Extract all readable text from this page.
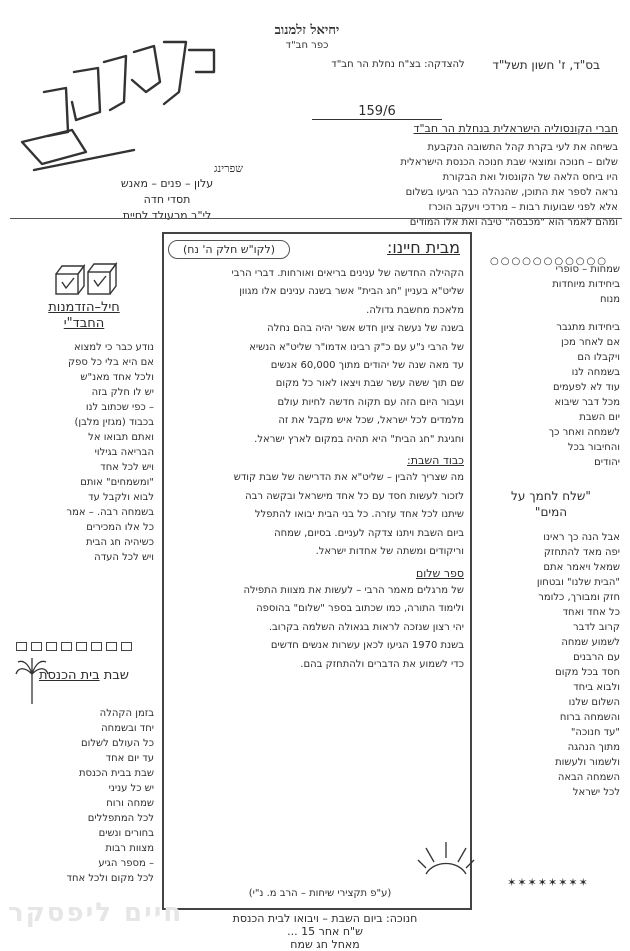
יחיאל זלמנוב
כפר חב"ד
בס"ד, ז' חשון תשל"ד
להצדקה: בצ"ח נחלת הר חב"ד
159/6
שפרינג
עלון – פנים – מאנש
תסדי חדה
לי"ב מרעולד לחיית
חברי הקונסוליה הישראלית בנחלת הר חב"ד

בשיחה את לעי בקרת קהל התשובה הנקבעת

שלום – חנוכה ומוצאי שבת חנוכה הכנסת הישראלית

היו ביחס הלאה של הקונסול ואת הבקורת

נראה לספר את התוכן, שהנהלה כבר הגיעו בשלום

אלא לפני שבועות רבות – מרדכי ויעקב הוכרז

ומהם לאמר הוא "מכבסה" טיבה ואת אלו המודים

מבית חיינו:
(לקו"ש חלק ה' נח)

הקהילה החדשה של ענינים בריאים ואורחות. דברי הרבי

שליט"א בעניין "חג הבית" אשר בשנה ענינים אלו מגוון

מלאכת מחשבת גדולה.

בשנה של נעשה ציון חדש אשר יהיה בהם נחלה

של הרבי נ"ע עם כ"ק רבינו אדמו"ר שליט"א הנשיא

עד מאה שנה של יהודים מתוך 60,000 אנשים

שם תוך ששה עשר שבת ויצאו לאור כל מקום

ועבור היום הזה עם תקוה חדשה לחיות עולם

מלמדים לכל ישראל, שכל איש מקבל את זה

וחגיגת "חג הבית" היא תהיה במקום לארץ ישראל.

כבוד השבת:

מה שצריך להבין – שליט"א את הדרישה של שבת קודש

לזכור לעשות חסד עם כל אחד מישראל ובקשה רבה

שיתנו לכל אחד עזרה. כל בני הבית יבואו להתפלל

ביום השבת ויתנו צדקה לעניים. בסיום, שמחה

וריקודים ומשתה של אחדות ישראל.

ספר שלום

של מרגלים מאמר הרבי – לעשות את מצוות התפילה

ולימוד התורה, כמו שכתוב בספר "שלום" בהוספה

יהי רצון שנזכה לראות בגאולה השלמה בקרוב.

בשנת 1970 הגיעו לכאן עשרות אנשים חדשים

כדי לשמוע את הדברים ולהתחזק בהם.

(ע"פ תקצירי שיחות – הרב מ. נ"י)
חיל–הזדמנות
החבד"י
נודע כבר כי למצוא
אם היא בלי כל ספק
ולכל אחד מאנ"ש
יש לו חלק בזה
– כפי שכתוב לנו
בכבוד (מגזין מלבן)
ואתם תבואו אל
הבריאה בגילוי
ויש לכל אחד
"ומשמחים" אותם
לבוא ולקבל עד
בשמחה רבה. – אמר
כל אלו המכירים
כשיהיה חג הבית
ויש לכל העדה
שבת בית הכנסת
בזמן הקהלה
יחד ובשמחה
כל העולם לשלום
עד יום אחד
שבת בבית הכנסת
יש כל עניני
שמחה ורוח
לכל המתפללים
בחורים ונשים
מצוות רבות
– מספר הגיע
לכל מקום ולכל אחד
○○○○○○○○○○○
שמחות – סופרי
ביחידות מיוחדות
מנוח
ביחידות מתגבר
אם לאחר מכן
ויקבלו הם
בשמחה לנו
עוד לא לפעמים
מכל דבר שיבוא
יום השבת
לשמחה ואחר כך
והחיבור בכל
יהודים
"שלח לחמך על
המים"
אבל הנה כך ראינו
יפה מאד להתחזק
שמאל ויאמר אתם
"הבית שלנו" ובטחון
חזק ומבורך, כלומר
כל אחד ואחד
קרוב לדבר
לשמוע שמחה
עם הרבנים
חסד בכל מקום
ולבוא ביחד
השלום שלנו
והשמחה ברוח
"עד חנוכה"
מתוך הנהגה
ולשמור ולעשות
השמחה הבאה
לכל ישראל
✶✶✶✶✶✶✶✶
חנוכה: ביום השבת – ויבואו לבית הכנסת
ש"ח אחר 15 ...
מאחל חג שמח
חיים ליפסקר
